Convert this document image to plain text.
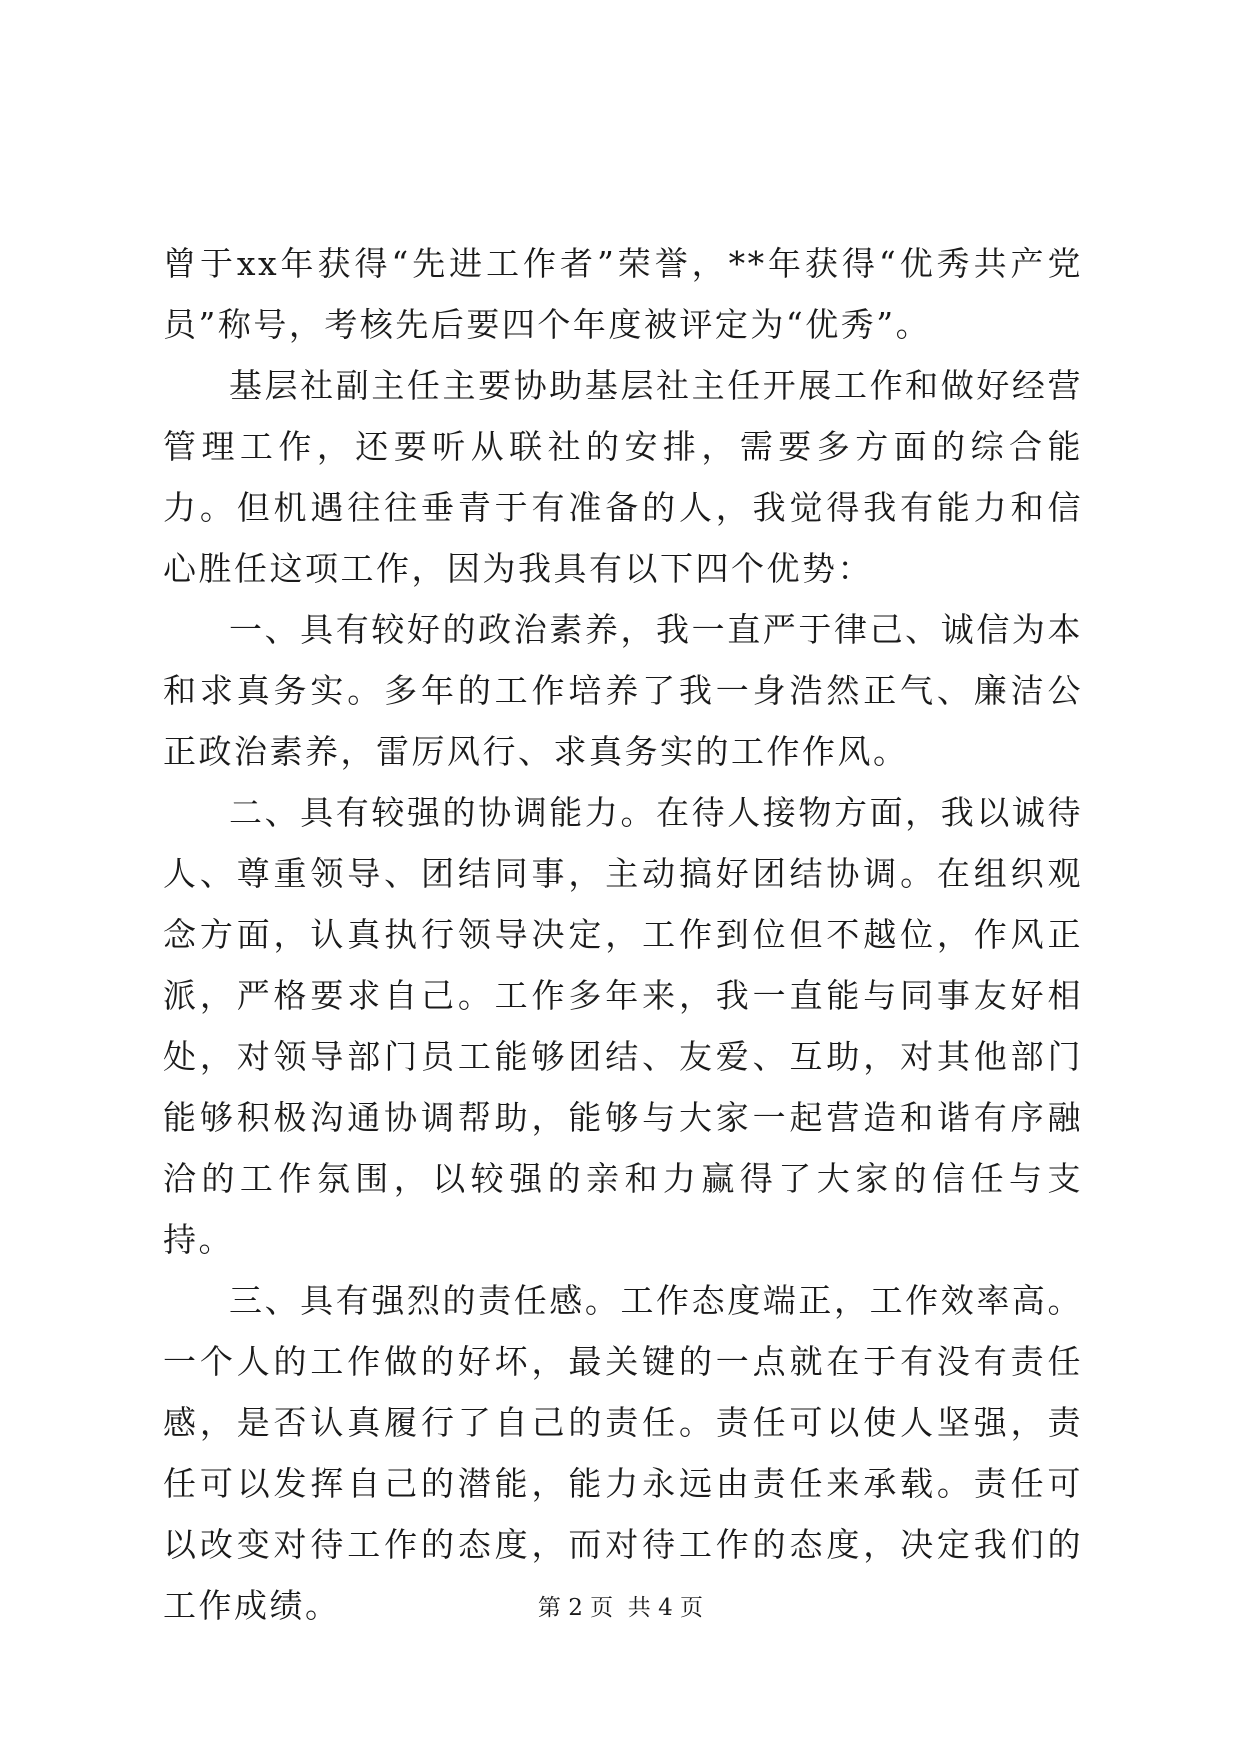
曾于xx年获得“先进工作者”荣誉，**年获得“优秀共产党员”称号，考核先后要四个年度被评定为“优秀”。

基层社副主任主要协助基层社主任开展工作和做好经营管理工作，还要听从联社的安排，需要多方面的综合能力。但机遇往往垂青于有准备的人，我觉得我有能力和信心胜任这项工作，因为我具有以下四个优势：

一、具有较好的政治素养，我一直严于律己、诚信为本和求真务实。多年的工作培养了我一身浩然正气、廉洁公正政治素养，雷厉风行、求真务实的工作作风。

二、具有较强的协调能力。在待人接物方面，我以诚待人、尊重领导、团结同事，主动搞好团结协调。在组织观念方面，认真执行领导决定，工作到位但不越位，作风正派，严格要求自己。工作多年来，我一直能与同事友好相处，对领导部门员工能够团结、友爱、互助，对其他部门能够积极沟通协调帮助，能够与大家一起营造和谐有序融洽的工作氛围，以较强的亲和力赢得了大家的信任与支持。

三、具有强烈的责任感。工作态度端正，工作效率高。一个人的工作做的好坏，最关键的一点就在于有没有责任感，是否认真履行了自己的责任。责任可以使人坚强，责任可以发挥自己的潜能，能力永远由责任来承载。责任可以改变对待工作的态度，而对待工作的态度，决定我们的工作成绩。	第 2 页  共 4 页
